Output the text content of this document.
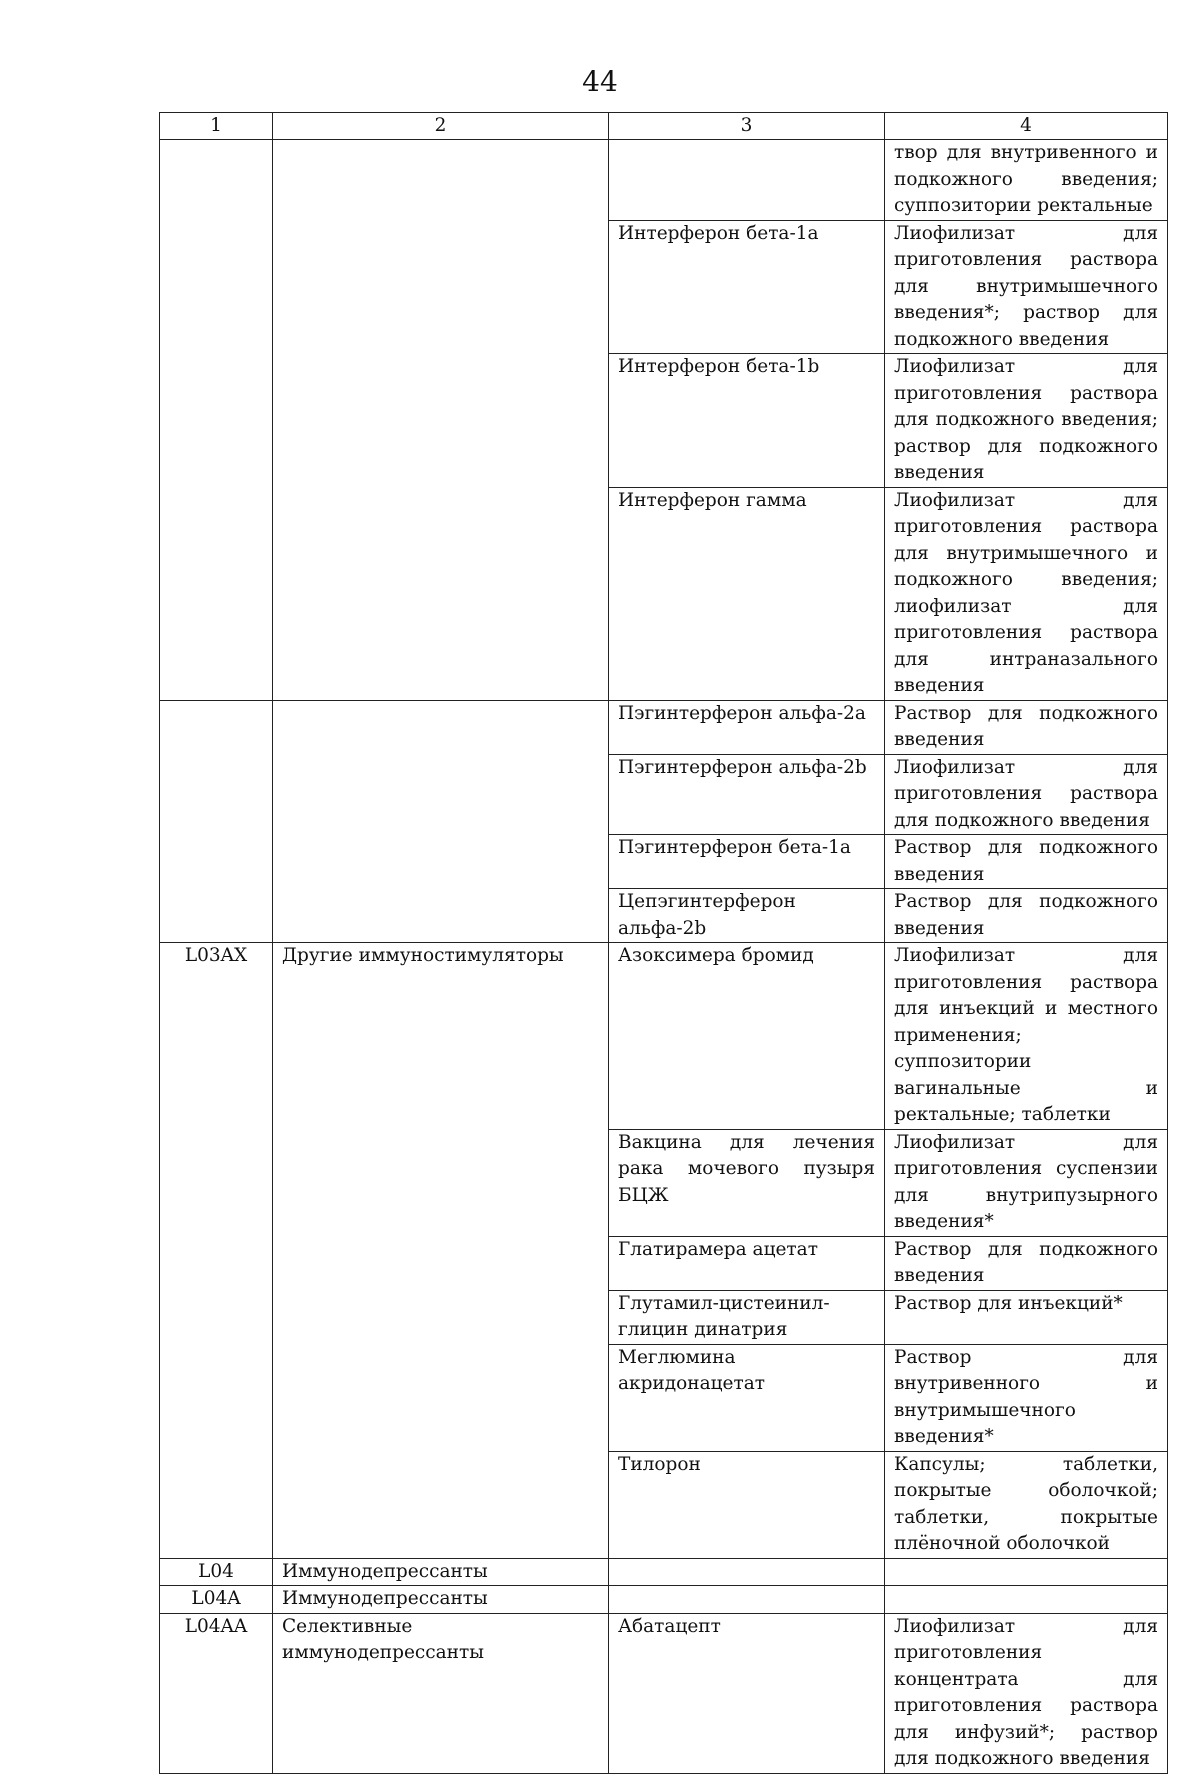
44
1	2	3	4
			твор для внутривенного и подкожного введения; суппозитории ректальные
		Интерферон бета-1a	Лиофилизат для приготовления раствора для внутримышечного введения*; раствор для подкожного введения
		Интерферон бета-1b	Лиофилизат для приготовления раствора для подкожного введения; раствор для подкожного введения
		Интерферон гамма	Лиофилизат для приготовления раствора для внутримышечного и подкожного введения; лиофилизат для приготовления раствора для интраназального введения
		Пэгинтерферон альфа-2a	Раствор для подкожного введения
		Пэгинтерферон альфа-2b	Лиофилизат для приготовления раствора для подкожного введения
		Пэгинтерферон бета-1a	Раствор для подкожного введения
		Цепэгинтерферон альфа-2b	Раствор для подкожного введения
L03AX	Другие иммуностимуляторы	Азоксимера бромид	Лиофилизат для приготовления раствора для инъекций и местного применения; суппозитории вагинальные и ректальные; таблетки
		Вакцина для лечения рака мочевого пузыря БЦЖ	Лиофилизат для приготовления суспензии для внутрипузырного введения*
		Глатирамера ацетат	Раствор для подкожного введения
		Глутамил-цистеинил-глицин динатрия	Раствор для инъекций*
		Меглюмина акридонацетат	Раствор для внутривенного и внутримышечного введения*
		Тилорон	Капсулы; таблетки, покрытые оболочкой; таблетки, покрытые плёночной оболочкой
L04	Иммунодепрессанты		
L04A	Иммунодепрессанты		
L04AA	Селективные иммунодепрессанты	Абатацепт	Лиофилизат для приготовления концентрата для приготовления раствора для инфузий*; раствор для подкожного введения
